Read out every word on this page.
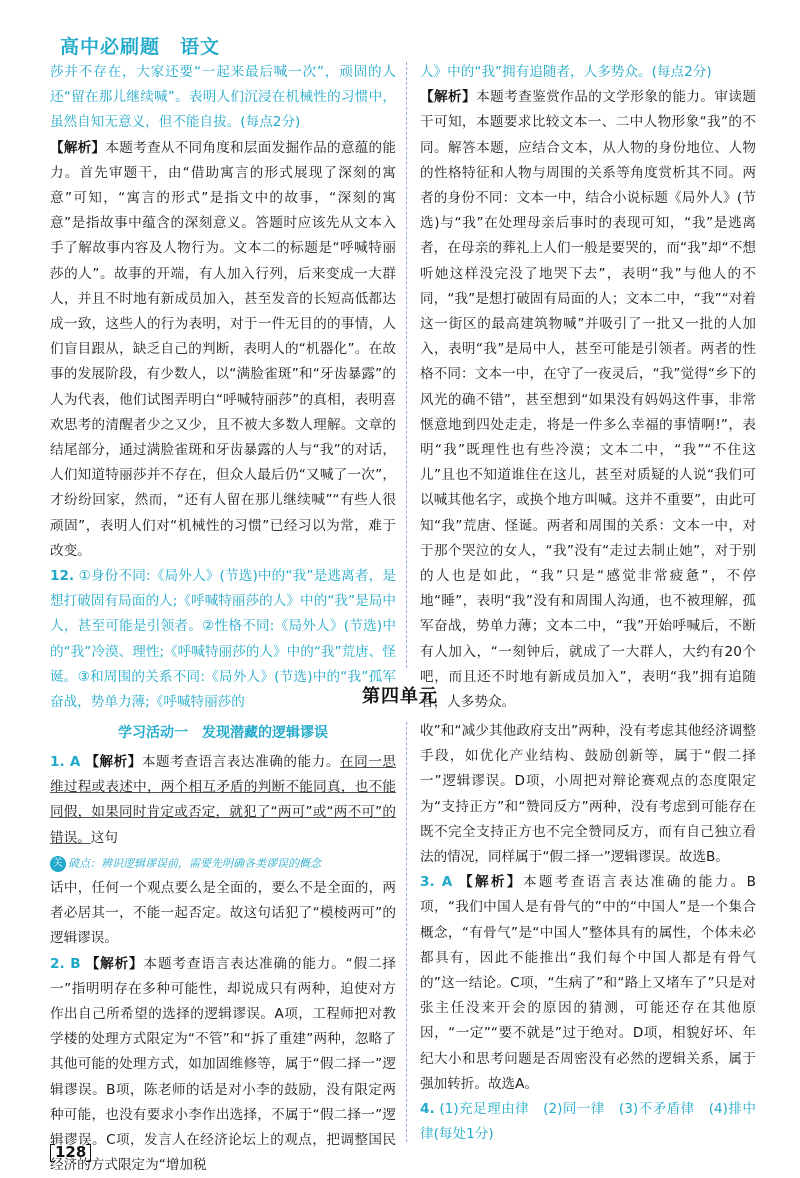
高中必刷题　语文

莎并不存在，大家还要“一起来最后喊一次”，顽固的人还“留在那儿继续喊”。表明人们沉浸在机械性的习惯中，虽然自知无意义，但不能自拔。(每点2分)

【解析】本题考查从不同角度和层面发掘作品的意蕴的能力。首先审题干，由“借助寓言的形式展现了深刻的寓意”可知，“寓言的形式”是指文中的故事，“深刻的寓意”是指故事中蕴含的深刻意义。答题时应该先从文本入手了解故事内容及人物行为。文本二的标题是“呼喊特丽莎的人”。故事的开端，有人加入行列，后来变成一大群人，并且不时地有新成员加入，甚至发音的长短高低都达成一致，这些人的行为表明，对于一件无目的的事情，人们盲目跟从，缺乏自己的判断，表明人的“机器化”。在故事的发展阶段，有少数人，以“满脸雀斑”和“牙齿暴露”的人为代表，他们试图弄明白“呼喊特丽莎”的真相，表明喜欢思考的清醒者少之又少，且不被大多数人理解。文章的结尾部分，通过满脸雀斑和牙齿暴露的人与“我”的对话，人们知道特丽莎并不存在，但众人最后仍“又喊了一次”，才纷纷回家，然而，“还有人留在那儿继续喊”“有些人很顽固”，表明人们对“机械性的习惯”已经习以为常，难于改变。

12. ①身份不同:《局外人》(节选)中的“我”是逃离者，是想打破固有局面的人;《呼喊特丽莎的人》中的“我”是局中人，甚至可能是引领者。②性格不同:《局外人》(节选)中的“我”冷漠、理性;《呼喊特丽莎的人》中的“我”荒唐、怪诞。③和周围的关系不同:《局外人》(节选)中的“我”孤军奋战，势单力薄;《呼喊特丽莎的

人》中的“我”拥有追随者，人多势众。(每点2分)

【解析】本题考查鉴赏作品的文学形象的能力。审读题干可知，本题要求比较文本一、二中人物形象“我”的不同。解答本题，应结合文本，从人物的身份地位、人物的性格特征和人物与周围的关系等角度赏析其不同。两者的身份不同：文本一中，结合小说标题《局外人》(节选)与“我”在处理母亲后事时的表现可知，“我”是逃离者，在母亲的葬礼上人们一般是要哭的，而“我”却“不想听她这样没完没了地哭下去”，表明“我”与他人的不同，“我”是想打破固有局面的人；文本二中，“我”“对着这一街区的最高建筑物喊”并吸引了一批又一批的人加入，表明“我”是局中人，甚至可能是引领者。两者的性格不同：文本一中，在守了一夜灵后，“我”觉得“乡下的风光的确不错”，甚至想到“如果没有妈妈这件事，非常惬意地到四处走走，将是一件多么幸福的事情啊!”，表明“我”既理性也有些冷漠；文本二中，“我”“不住这儿”且也不知道谁住在这儿，甚至对质疑的人说“我们可以喊其他名字，或换个地方叫喊。这并不重要”，由此可知“我”荒唐、怪诞。两者和周围的关系：文本一中，对于那个哭泣的女人，“我”没有“走过去制止她”，对于别的人也是如此，“我”只是“感觉非常疲惫”，不停地“睡”，表明“我”没有和周围人沟通，也不被理解，孤军奋战，势单力薄；文本二中，“我”开始呼喊后，不断有人加入，“一刻钟后，就成了一大群人，大约有20个吧，而且还不时地有新成员加入”，表明“我”拥有追随者，人多势众。

第四单元
学习活动一　发现潜藏的逻辑谬误

1. A 【解析】本题考查语言表达准确的能力。在同一思维过程或表述中，两个相互矛盾的判断不能同真，也不能同假，如果同时肯定或否定，就犯了“两可”或“两不可”的错误。这句

关 破点：辨识逻辑谬误前，需要先明确各类谬误的概念

话中，任何一个观点要么是全面的，要么不是全面的，两者必居其一，不能一起否定。故这句话犯了“模棱两可”的逻辑谬误。

2. B 【解析】本题考查语言表达准确的能力。“假二择一”指明明存在多种可能性，却说成只有两种，迫使对方作出自己所希望的选择的逻辑谬误。A项，工程师把对教学楼的处理方式限定为“不管”和“拆了重建”两种，忽略了其他可能的处理方式，如加固维修等，属于“假二择一”逻辑谬误。B项，陈老师的话是对小李的鼓励，没有限定两种可能，也没有要求小李作出选择，不属于“假二择一”逻辑谬误。C项，发言人在经济论坛上的观点，把调整国民经济的方式限定为“增加税

收”和“减少其他政府支出”两种，没有考虑其他经济调整手段，如优化产业结构、鼓励创新等，属于“假二择一”逻辑谬误。D项，小周把对辩论赛观点的态度限定为“支持正方”和“赞同反方”两种，没有考虑到可能存在既不完全支持正方也不完全赞同反方，而有自己独立看法的情况，同样属于“假二择一”逻辑谬误。故选B。

3. A 【解析】本题考查语言表达准确的能力。B项，“我们中国人是有骨气的”中的“中国人”是一个集合概念，“有骨气”是“中国人”整体具有的属性，个体未必都具有，因此不能推出“我们每个中国人都是有骨气的”这一结论。C项，“生病了”和“路上又堵车了”只是对张主任没来开会的原因的猜测，可能还存在其他原因，“一定”“要不就是”过于绝对。D项，相貌好坏、年纪大小和思考问题是否周密没有必然的逻辑关系，属于强加转折。故选A。

4. (1)充足理由律　(2)同一律　(3)不矛盾律　(4)排中律(每处1分)

128
